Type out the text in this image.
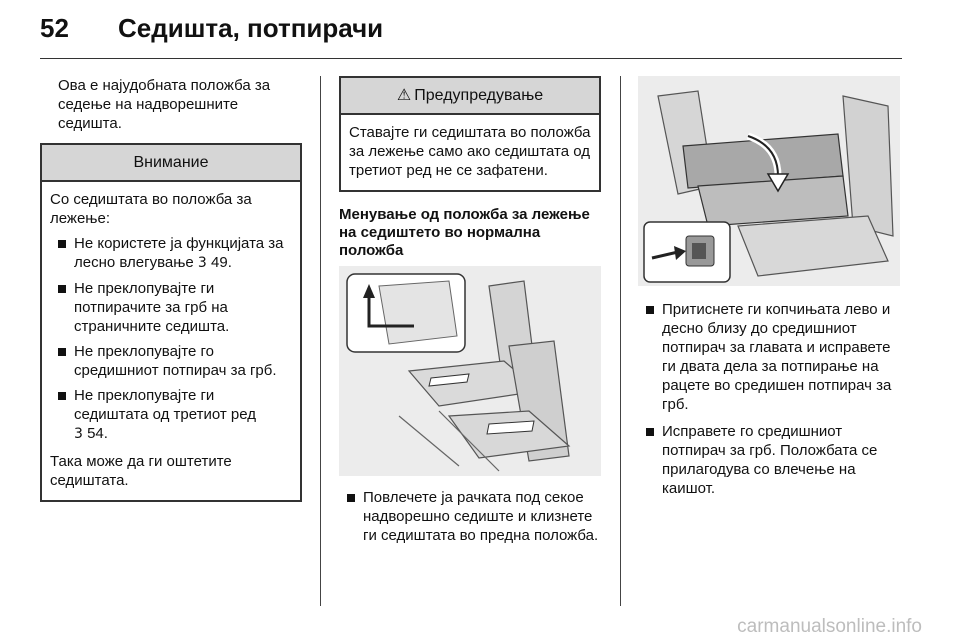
52	Седишта, потпирачи

Ова е најудобната положба за седење на надворешните седишта.

Внимание

Со седиштата во положба за лежење:

Не користете ја функцијата за лесно влегување 3 49.
Не преклопувајте ги потпирачите за грб на страничните седишта.
Не преклопувајте го средишниот потпирач за грб.
Не преклопувајте ги седиштата од третиот ред
3 54.

Така може да ги оштетите седиштата.

⚠ Предупредување

Ставајте ги седиштата во положба за лежење само ако седиштата од третиот ред не се зафатени.

Менување од положба за лежење на седиштето во нормална положба

Повлечете ја рачката под секое надворешно седиште и клизнете ги седиштата во предна положба.
Притиснете ги копчињата лево и десно близу до средишниот потпирач за главата и исправете ги двата дела за потпирање на рацете во средишен потпирач за грб.
Исправете го средишниот потпирач за грб. Положбата се прилагодува со влечење на каишот.
carmanualsonline.info
